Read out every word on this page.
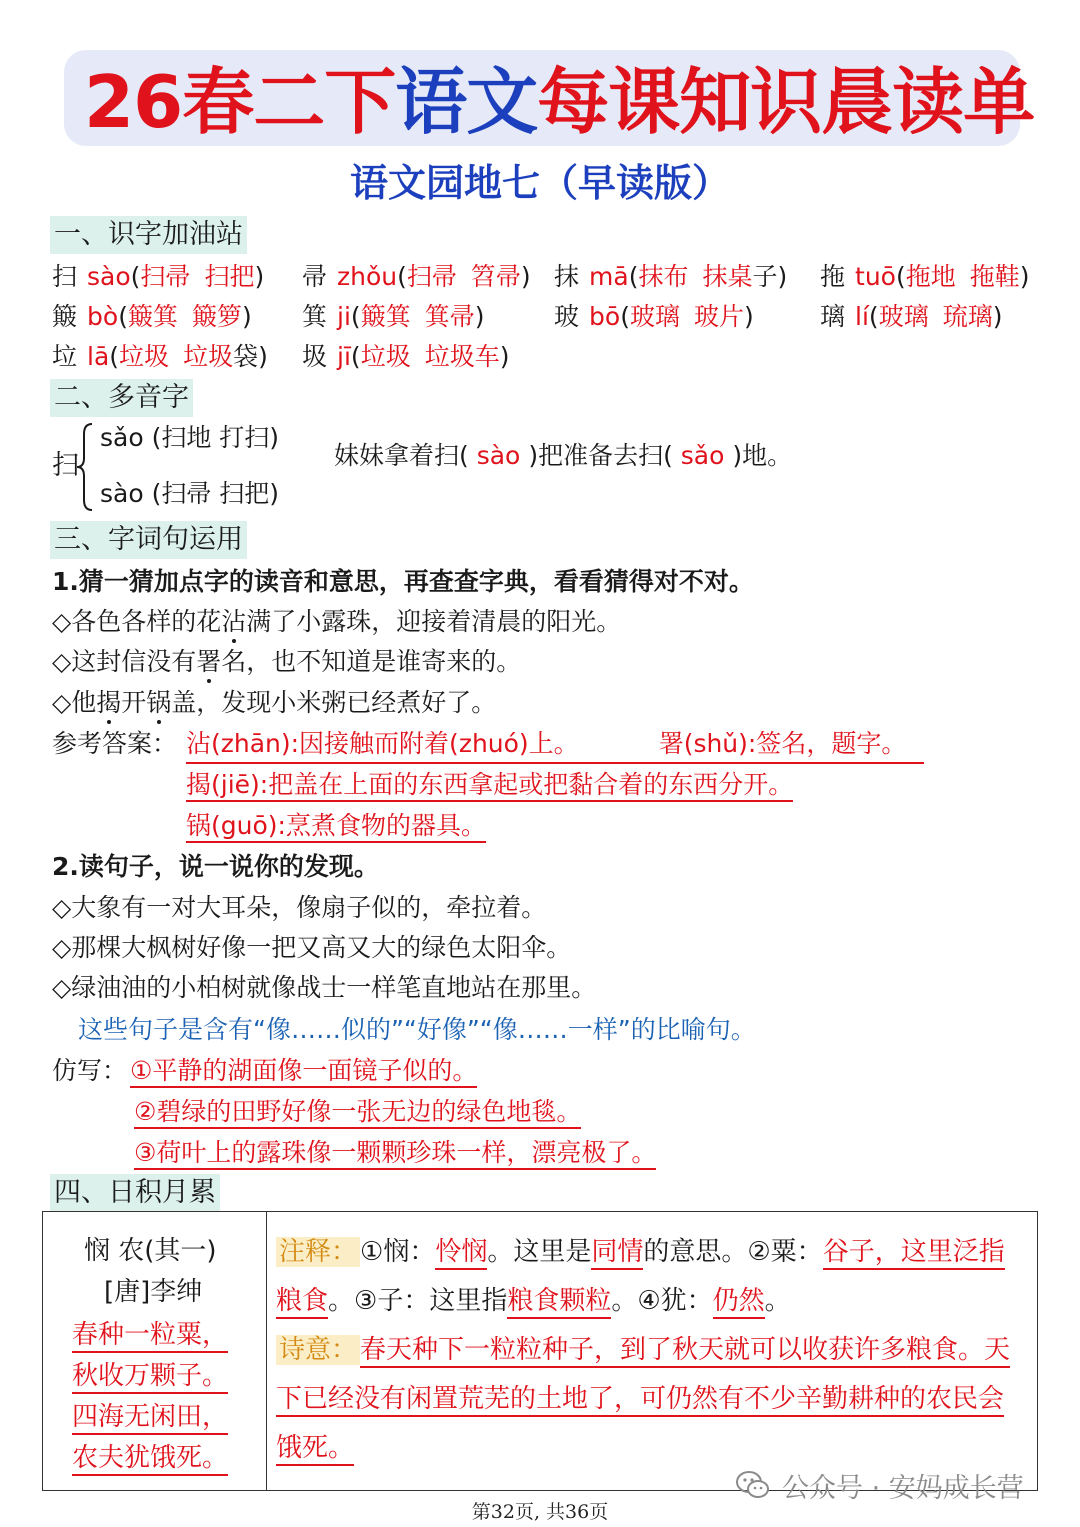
26春二下语文每课知识晨读单
语文园地七（早读版）
一、识字加油站
扫 sào(扫帚 扫把) 帚 zhǒu(扫帚 笤帚) 抹 mā(抹布 抹桌子) 拖 tuō(拖地 拖鞋)
簸 bò(簸箕 簸箩) 箕 ji(簸箕 箕帚)	玻 bō(玻璃 玻片)	璃 lí(玻璃 琉璃)
垃 lā(垃圾 垃圾袋) 圾 jī(垃圾 垃圾车)
二、多音字
扫
sǎo (扫地 打扫)
sào (扫帚 扫把)
妹妹拿着扫( sào )把准备去扫( sǎo )地。
三、字词句运用
1.猜一猜加点字的读音和意思，再查查字典，看看猜得对不对。
◇各色各样的花沾满了小露珠，迎接着清晨的阳光。
◇这封信没有署名，也不知道是谁寄来的。
◇他揭开锅盖，发现小米粥已经煮好了。
参考答案： 沾(zhān):因接触而附着(zhuó)上。	署(shǔ):签名，题字。
揭(jiē):把盖在上面的东西拿起或把黏合着的东西分开。
锅(guō):烹煮食物的器具。
2.读句子，说一说你的发现。
◇大象有一对大耳朵，像扇子似的，牵拉着。
◇那棵大枫树好像一把又高又大的绿色太阳伞。
◇绿油油的小柏树就像战士一样笔直地站在那里。
这些句子是含有“像……似的”“好像”“像……一样”的比喻句。
仿写： ①平静的湖面像一面镜子似的。
②碧绿的田野好像一张无边的绿色地毯。
③荷叶上的露珠像一颗颗珍珠一样，漂亮极了。
四、日积月累
悯 农(其一)
[唐]李绅
春种一粒粟，
秋收万颗子。
四海无闲田，
农夫犹饿死。
注释： ①悯：怜悯。这里是同情的意思。②粟：谷子，这里泛指
粮食。③子：这里指粮食颗粒。④犹：仍然。
诗意： 春天种下一粒粒种子，到了秋天就可以收获许多粮食。天
下已经没有闲置荒芜的土地了，可仍然有不少辛勤耕种的农民会
饿死。
公众号 · 安妈成长营
第32页, 共36页
